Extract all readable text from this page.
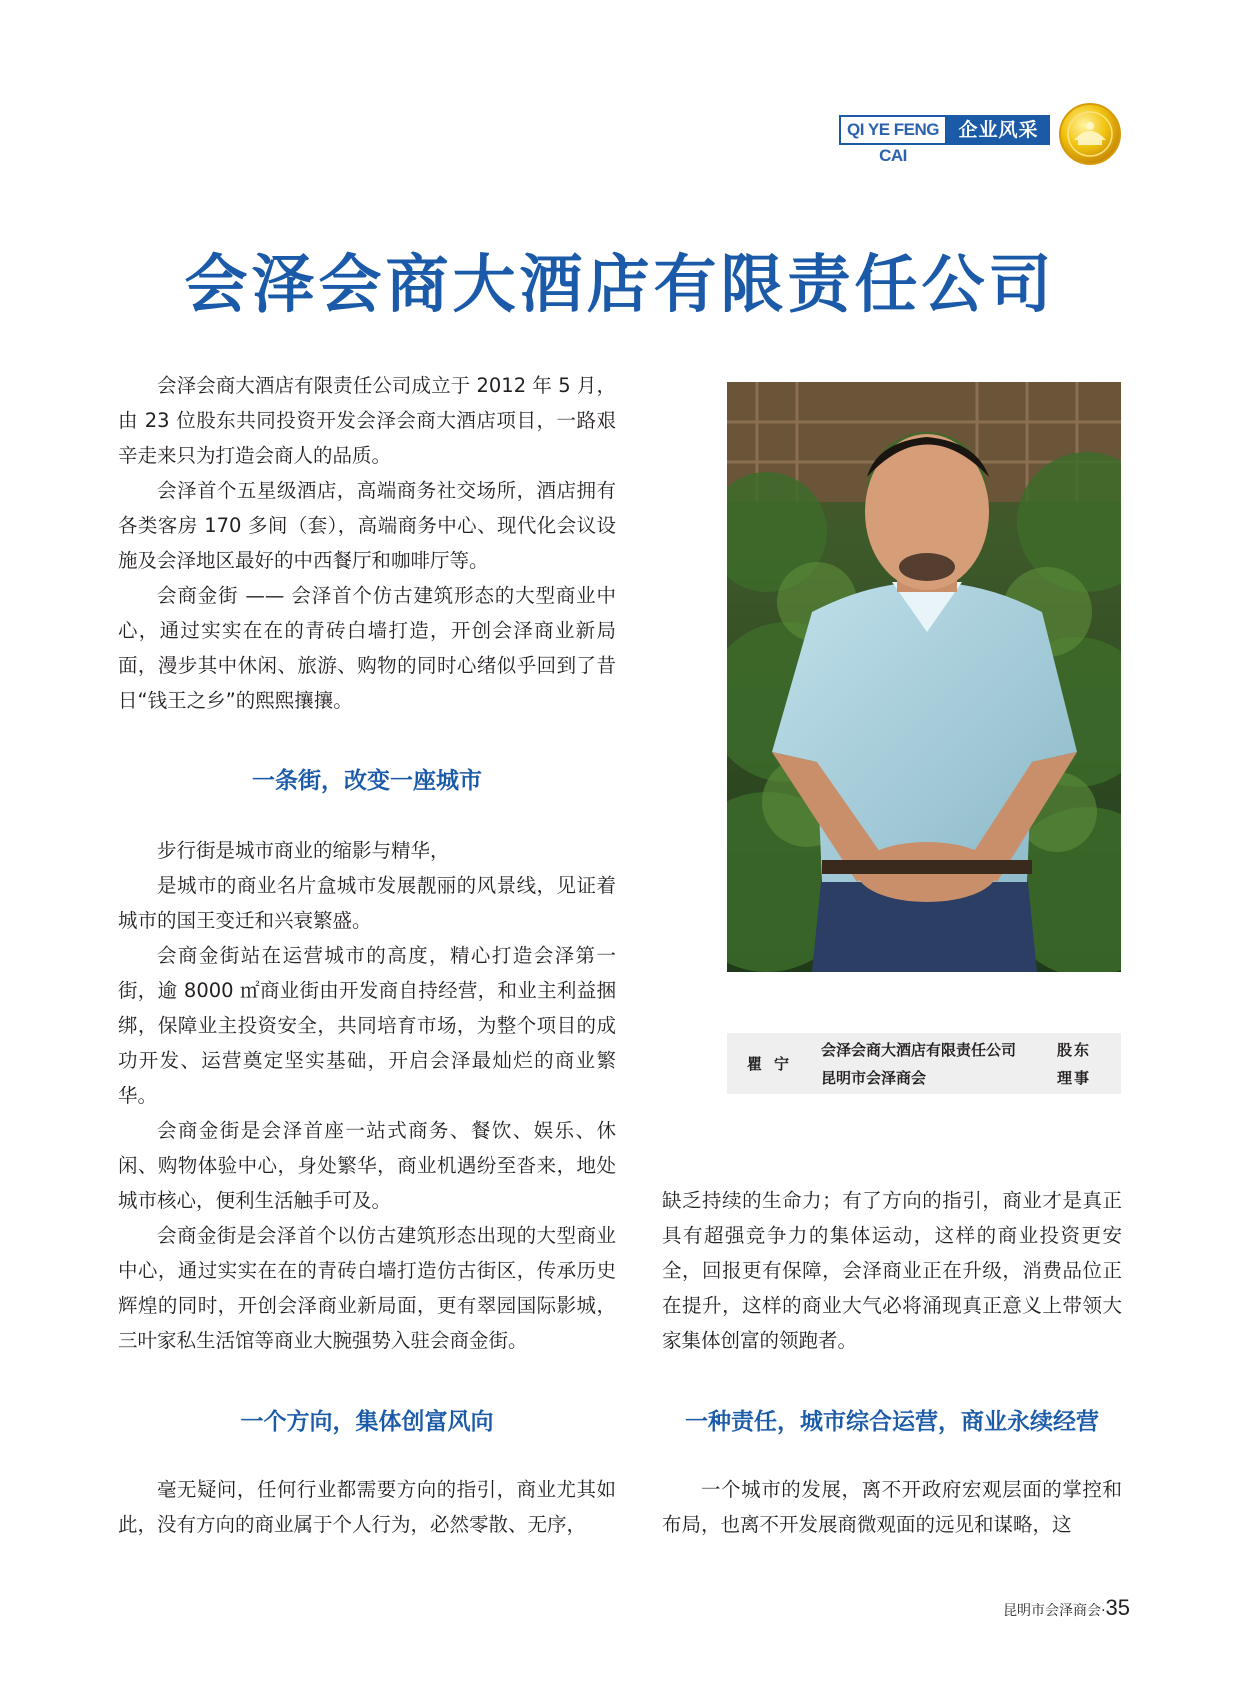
QI YE FENG CAI
企业风采
会泽会商大酒店有限责任公司

会泽会商大酒店有限责任公司成立于 2012 年 5 月，由 23 位股东共同投资开发会泽会商大酒店项目，一路艰辛走来只为打造会商人的品质。

会泽首个五星级酒店，高端商务社交场所，酒店拥有各类客房 170 多间（套），高端商务中心、现代化会议设施及会泽地区最好的中西餐厅和咖啡厅等。

会商金街 —— 会泽首个仿古建筑形态的大型商业中心，通过实实在在的青砖白墙打造，开创会泽商业新局面，漫步其中休闲、旅游、购物的同时心绪似乎回到了昔日“钱王之乡”的熙熙攘攘。

一条街，改变一座城市

步行街是城市商业的缩影与精华，

是城市的商业名片盒城市发展靓丽的风景线，见证着城市的国王变迁和兴衰繁盛。

会商金街站在运营城市的高度，精心打造会泽第一街，逾 8000 ㎡商业街由开发商自持经营，和业主利益捆绑，保障业主投资安全，共同培育市场，为整个项目的成功开发、运营奠定坚实基础，开启会泽最灿烂的商业繁华。

会商金街是会泽首座一站式商务、餐饮、娱乐、休闲、购物体验中心，身处繁华，商业机遇纷至沓来，地处城市核心，便利生活触手可及。

会商金街是会泽首个以仿古建筑形态出现的大型商业中心，通过实实在在的青砖白墙打造仿古街区，传承历史辉煌的同时，开创会泽商业新局面，更有翠园国际影城，三叶家私生活馆等商业大腕强势入驻会商金街。

一个方向，集体创富风向

毫无疑问，任何行业都需要方向的指引，商业尤其如此，没有方向的商业属于个人行为，必然零散、无序，

瞿宁
会泽会商大酒店有限责任公司
昆明市会泽商会
股东
理事

缺乏持续的生命力；有了方向的指引，商业才是真正具有超强竞争力的集体运动，这样的商业投资更安全，回报更有保障，会泽商业正在升级，消费品位正在提升，这样的商业大气必将涌现真正意义上带领大家集体创富的领跑者。

一种责任，城市综合运营，商业永续经营

一个城市的发展，离不开政府宏观层面的掌控和布局，也离不开发展商微观面的远见和谋略，这

昆明市会泽商会·35
